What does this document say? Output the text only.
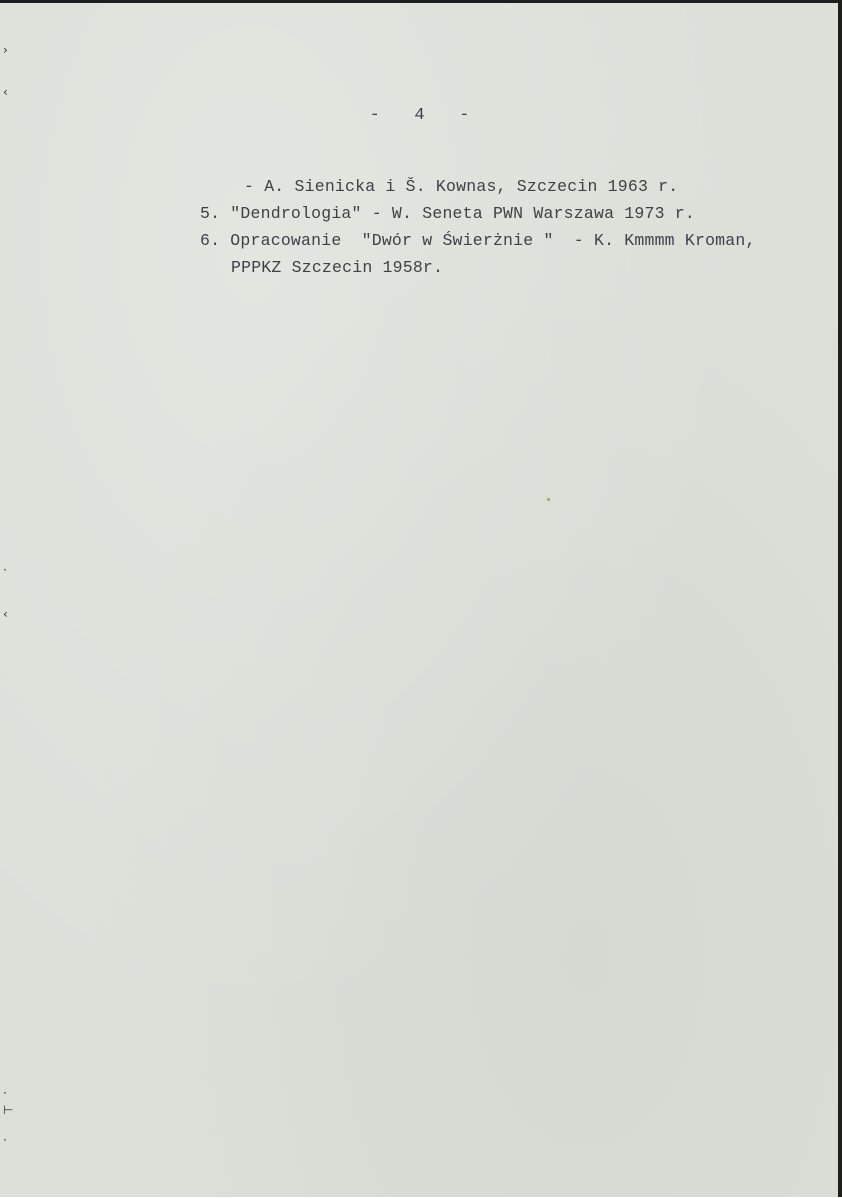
-   4   -
- A. Sienicka i Š. Kownas, Szczecin 1963 r.
5. "Dendrologia" - W. Seneta PWN Warszawa 1973 r.
6. Opracowanie  "Dwór w Świerżnie "  - K. Kmmmm Kroman,
PPPKZ Szczecin 1958r.
›
‹
·
‹
·
⊢
·
